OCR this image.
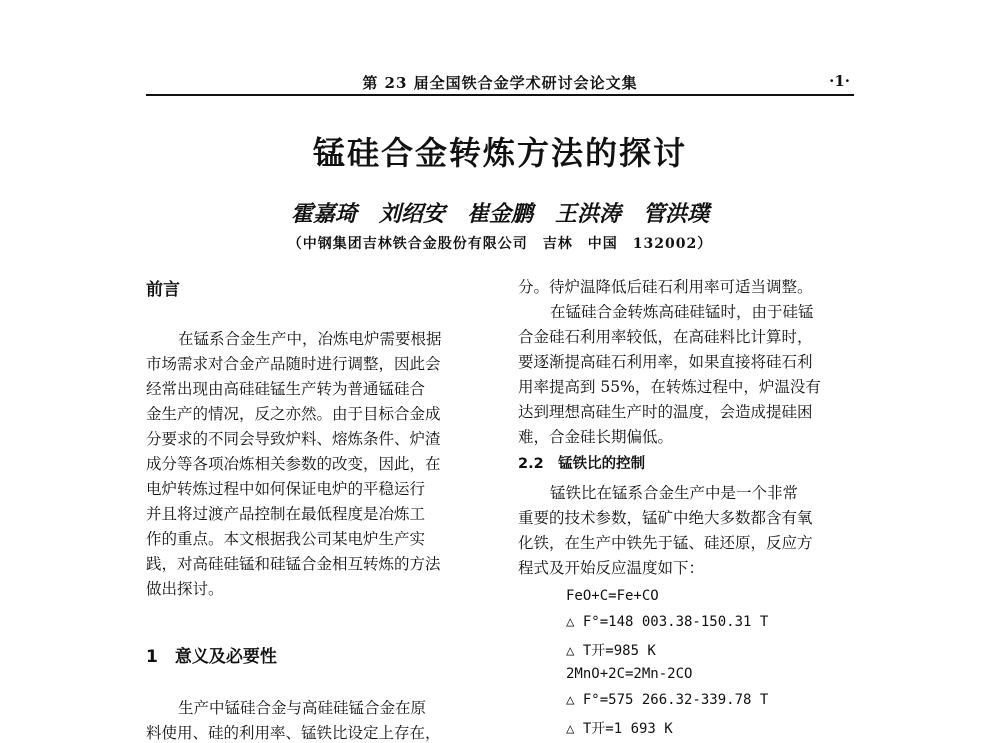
第 23 届全国铁合金学术研讨会论文集	·1·
锰硅合金转炼方法的探讨
霍嘉琦　刘绍安　崔金鹏　王洪涛　管洪璞
（中钢集团吉林铁合金股份有限公司　吉林　中国　132002）
前言
在锰系合金生产中，冶炼电炉需要根据
市场需求对合金产品随时进行调整，因此会
经常出现由高硅硅锰生产转为普通锰硅合
金生产的情况，反之亦然。由于目标合金成
分要求的不同会导致炉料、熔炼条件、炉渣
成分等各项冶炼相关参数的改变，因此，在
电炉转炼过程中如何保证电炉的平稳运行
并且将过渡产品控制在最低程度是冶炼工
作的重点。本文根据我公司某电炉生产实
践，对高硅硅锰和硅锰合金相互转炼的方法
做出探讨。
1　意义及必要性
生产中锰硅合金与高硅硅锰合金在原
料使用、硅的利用率、锰铁比设定上存在，
分。待炉温降低后硅石利用率可适当调整。
在锰硅合金转炼高硅硅锰时，由于硅锰
合金硅石利用率较低，在高硅料比计算时，
要逐渐提高硅石利用率，如果直接将硅石利
用率提高到 55%，在转炼过程中，炉温没有
达到理想高硅生产时的温度，会造成提硅困
难，合金硅长期偏低。
2.2　锰铁比的控制
锰铁比在锰系合金生产中是一个非常
重要的技术参数，锰矿中绝大多数都含有氧
化铁，在生产中铁先于锰、硅还原，反应方
程式及开始反应温度如下：
FeO+C=Fe+CO
△ F°=148 003.38-150.31 T
△ T开=985 K
2MnO+2C=2Mn-2CO
△ F°=575 266.32-339.78 T
△ T开=1 693 K
